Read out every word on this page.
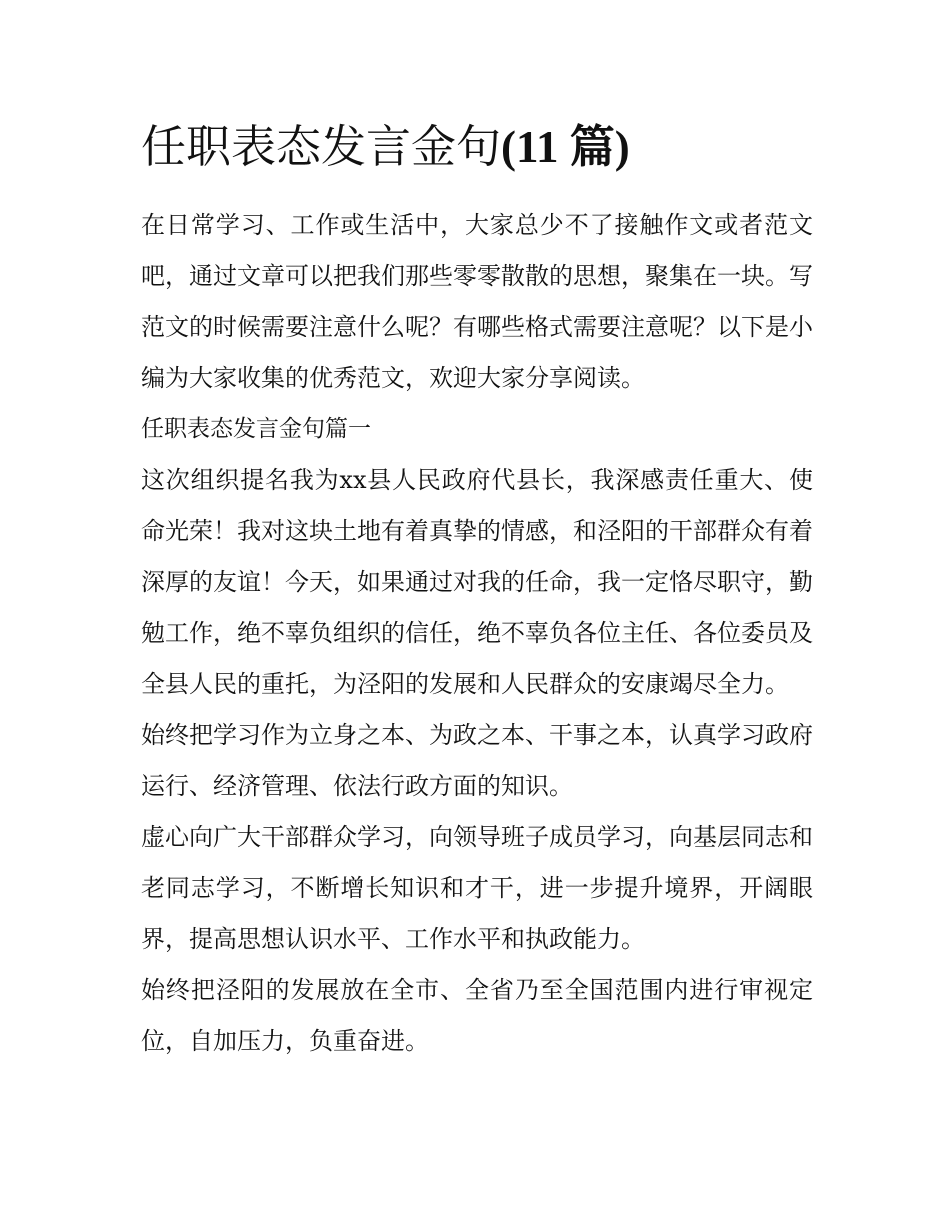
任职表态发言金句(11 篇)

在日常学习、工作或生活中，大家总少不了接触作文或者范文吧，通过文章可以把我们那些零零散散的思想，聚集在一块。写范文的时候需要注意什么呢？有哪些格式需要注意呢？以下是小编为大家收集的优秀范文，欢迎大家分享阅读。

任职表态发言金句篇一

这次组织提名我为xx县人民政府代县长，我深感责任重大、使命光荣！我对这块土地有着真挚的情感，和泾阳的干部群众有着深厚的友谊！今天，如果通过对我的任命，我一定恪尽职守，勤勉工作，绝不辜负组织的信任，绝不辜负各位主任、各位委员及全县人民的重托，为泾阳的发展和人民群众的安康竭尽全力。

始终把学习作为立身之本、为政之本、干事之本，认真学习政府运行、经济管理、依法行政方面的知识。

虚心向广大干部群众学习，向领导班子成员学习，向基层同志和老同志学习，不断增长知识和才干，进一步提升境界，开阔眼界，提高思想认识水平、工作水平和执政能力。

始终把泾阳的发展放在全市、全省乃至全国范围内进行审视定位，自加压力，负重奋进。
